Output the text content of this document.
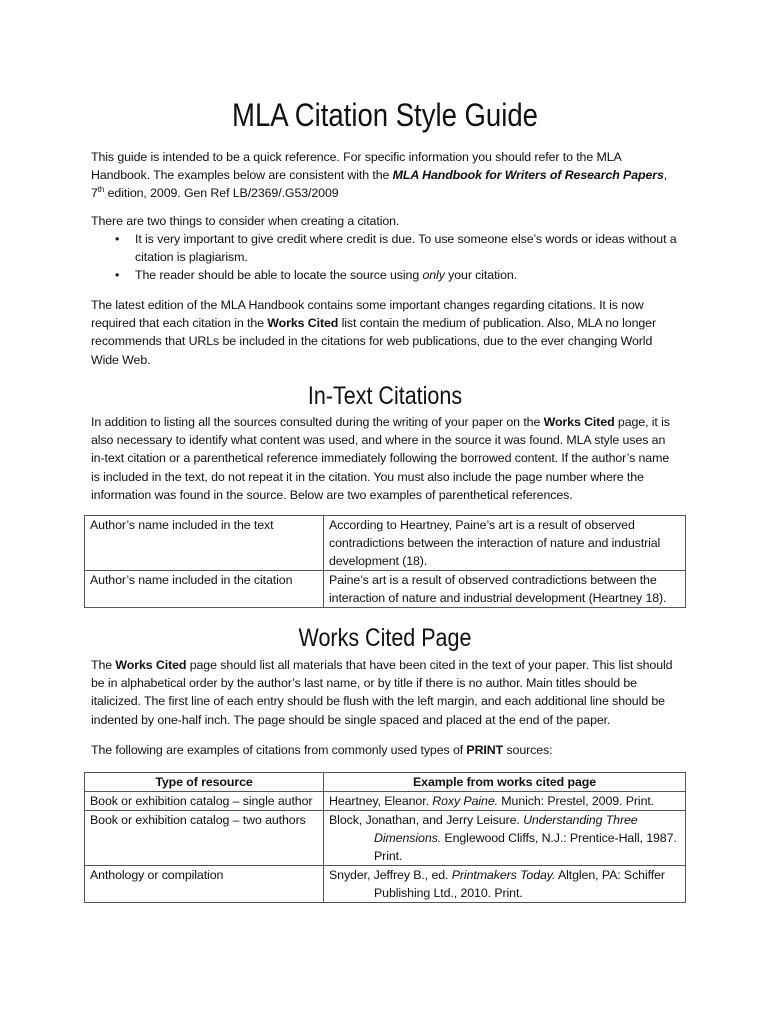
MLA Citation Style Guide
This guide is intended to be a quick reference. For specific information you should refer to the MLA Handbook. The examples below are consistent with the MLA Handbook for Writers of Research Papers, 7th edition, 2009. Gen Ref LB/2369/.G53/2009
There are two things to consider when creating a citation.
• It is very important to give credit where credit is due. To use someone else’s words or ideas without a citation is plagiarism.
• The reader should be able to locate the source using only your citation.
The latest edition of the MLA Handbook contains some important changes regarding citations. It is now required that each citation in the Works Cited list contain the medium of publication. Also, MLA no longer recommends that URLs be included in the citations for web publications, due to the ever changing World Wide Web.
In-Text Citations
In addition to listing all the sources consulted during the writing of your paper on the Works Cited page, it is also necessary to identify what content was used, and where in the source it was found. MLA style uses an in-text citation or a parenthetical reference immediately following the borrowed content. If the author’s name is included in the text, do not repeat it in the citation. You must also include the page number where the information was found in the source. Below are two examples of parenthetical references.
Author’s name included in the text	According to Heartney, Paine’s art is a result of observed contradictions between the interaction of nature and industrial development (18).
Author’s name included in the citation	Paine’s art is a result of observed contradictions between the interaction of nature and industrial development (Heartney 18).
Works Cited Page
The Works Cited page should list all materials that have been cited in the text of your paper. This list should be in alphabetical order by the author’s last name, or by title if there is no author. Main titles should be italicized. The first line of each entry should be flush with the left margin, and each additional line should be indented by one-half inch. The page should be single spaced and placed at the end of the paper.
The following are examples of citations from commonly used types of PRINT sources:
Type of resource	Example from works cited page
Book or exhibition catalog – single author	Heartney, Eleanor. Roxy Paine. Munich: Prestel, 2009. Print.
Book or exhibition catalog – two authors	Block, Jonathan, and Jerry Leisure. Understanding Three
Dimensions. Englewood Cliffs, N.J.: Prentice-Hall, 1987. Print.

Anthology or compilation	Snyder, Jeffrey B., ed. Printmakers Today. Altglen, PA: Schiffer
Publishing Ltd., 2010. Print.
